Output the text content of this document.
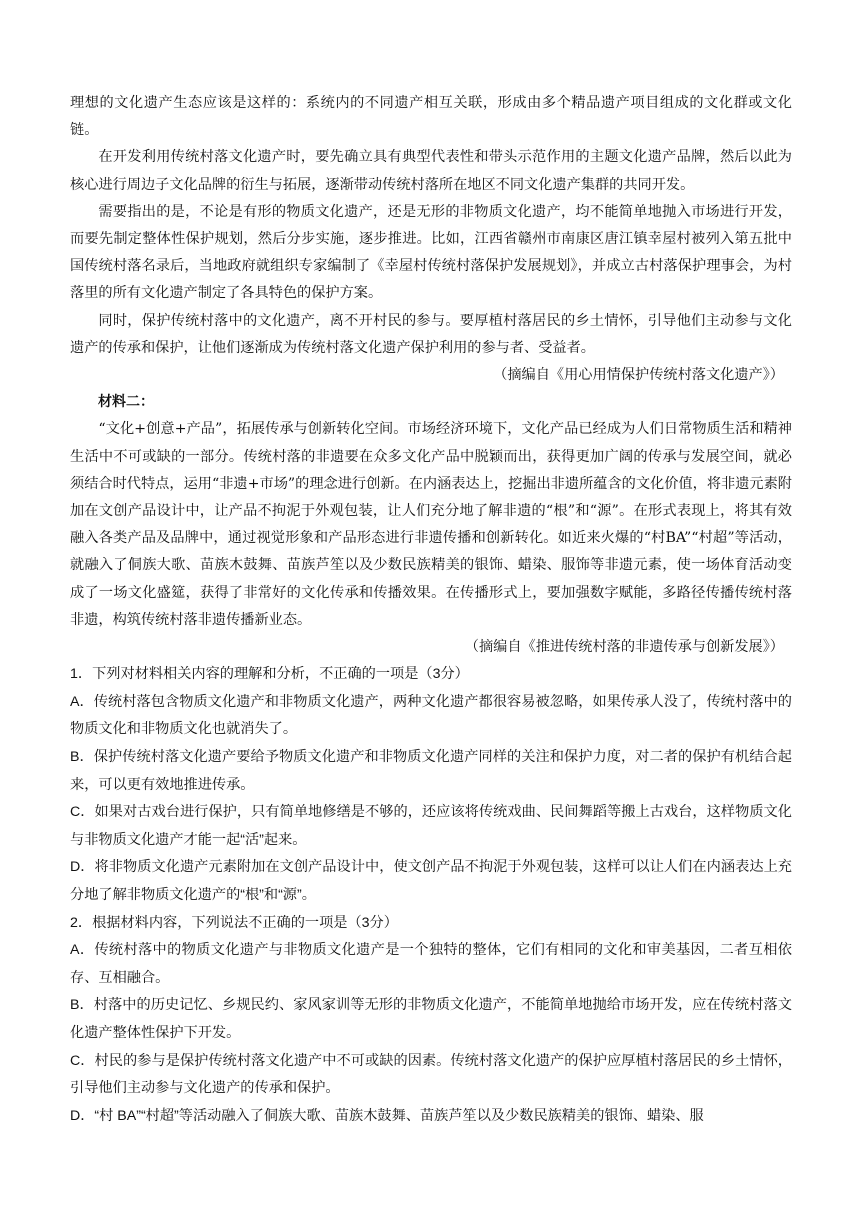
理想的文化遗产生态应该是这样的：系统内的不同遗产相互关联，形成由多个精品遗产项目组成的文化群或文化链。

在开发利用传统村落文化遗产时，要先确立具有典型代表性和带头示范作用的主题文化遗产品牌，然后以此为核心进行周边子文化品牌的衍生与拓展，逐渐带动传统村落所在地区不同文化遗产集群的共同开发。

需要指出的是，不论是有形的物质文化遗产，还是无形的非物质文化遗产，均不能简单地抛入市场进行开发，而要先制定整体性保护规划，然后分步实施，逐步推进。比如，江西省赣州市南康区唐江镇幸屋村被列入第五批中国传统村落名录后，当地政府就组织专家编制了《幸屋村传统村落保护发展规划》，并成立古村落保护理事会，为村落里的所有文化遗产制定了各具特色的保护方案。

同时，保护传统村落中的文化遗产，离不开村民的参与。要厚植村落居民的乡土情怀，引导他们主动参与文化遗产的传承和保护，让他们逐渐成为传统村落文化遗产保护利用的参与者、受益者。

（摘编自《用心用情保护传统村落文化遗产》）

材料二：

“文化+创意+产品”，拓展传承与创新转化空间。市场经济环境下，文化产品已经成为人们日常物质生活和精神生活中不可或缺的一部分。传统村落的非遗要在众多文化产品中脱颖而出，获得更加广阔的传承与发展空间，就必须结合时代特点，运用“非遗+市场”的理念进行创新。在内涵表达上，挖掘出非遗所蕴含的文化价值，将非遗元素附加在文创产品设计中，让产品不拘泥于外观包装，让人们充分地了解非遗的“根”和“源”。在形式表现上，将其有效融入各类产品及品牌中，通过视觉形象和产品形态进行非遗传播和创新转化。如近来火爆的“村BA”“村超”等活动，就融入了侗族大歌、苗族木鼓舞、苗族芦笙以及少数民族精美的银饰、蜡染、服饰等非遗元素，使一场体育活动变成了一场文化盛筵，获得了非常好的文化传承和传播效果。在传播形式上，要加强数字赋能，多路径传播传统村落非遗，构筑传统村落非遗传播新业态。

（摘编自《推进传统村落的非遗传承与创新发展》）

1．下列对材料相关内容的理解和分析，不正确的一项是（3分）

A．传统村落包含物质文化遗产和非物质文化遗产，两种文化遗产都很容易被忽略，如果传承人没了，传统村落中的物质文化和非物质文化也就消失了。

B．保护传统村落文化遗产要给予物质文化遗产和非物质文化遗产同样的关注和保护力度，对二者的保护有机结合起来，可以更有效地推进传承。

C．如果对古戏台进行保护，只有简单地修缮是不够的，还应该将传统戏曲、民间舞蹈等搬上古戏台，这样物质文化与非物质文化遗产才能一起“活”起来。

D．将非物质文化遗产元素附加在文创产品设计中，使文创产品不拘泥于外观包装，这样可以让人们在内涵表达上充分地了解非物质文化遗产的“根”和“源”。

2．根据材料内容，下列说法不正确的一项是（3分）

A．传统村落中的物质文化遗产与非物质文化遗产是一个独特的整体，它们有相同的文化和审美基因，二者互相依存、互相融合。

B．村落中的历史记忆、乡规民约、家风家训等无形的非物质文化遗产，不能简单地抛给市场开发，应在传统村落文化遗产整体性保护下开发。

C．村民的参与是保护传统村落文化遗产中不可或缺的因素。传统村落文化遗产的保护应厚植村落居民的乡土情怀，引导他们主动参与文化遗产的传承和保护。

D．“村 BA”“村超”等活动融入了侗族大歌、苗族木鼓舞、苗族芦笙以及少数民族精美的银饰、蜡染、服
